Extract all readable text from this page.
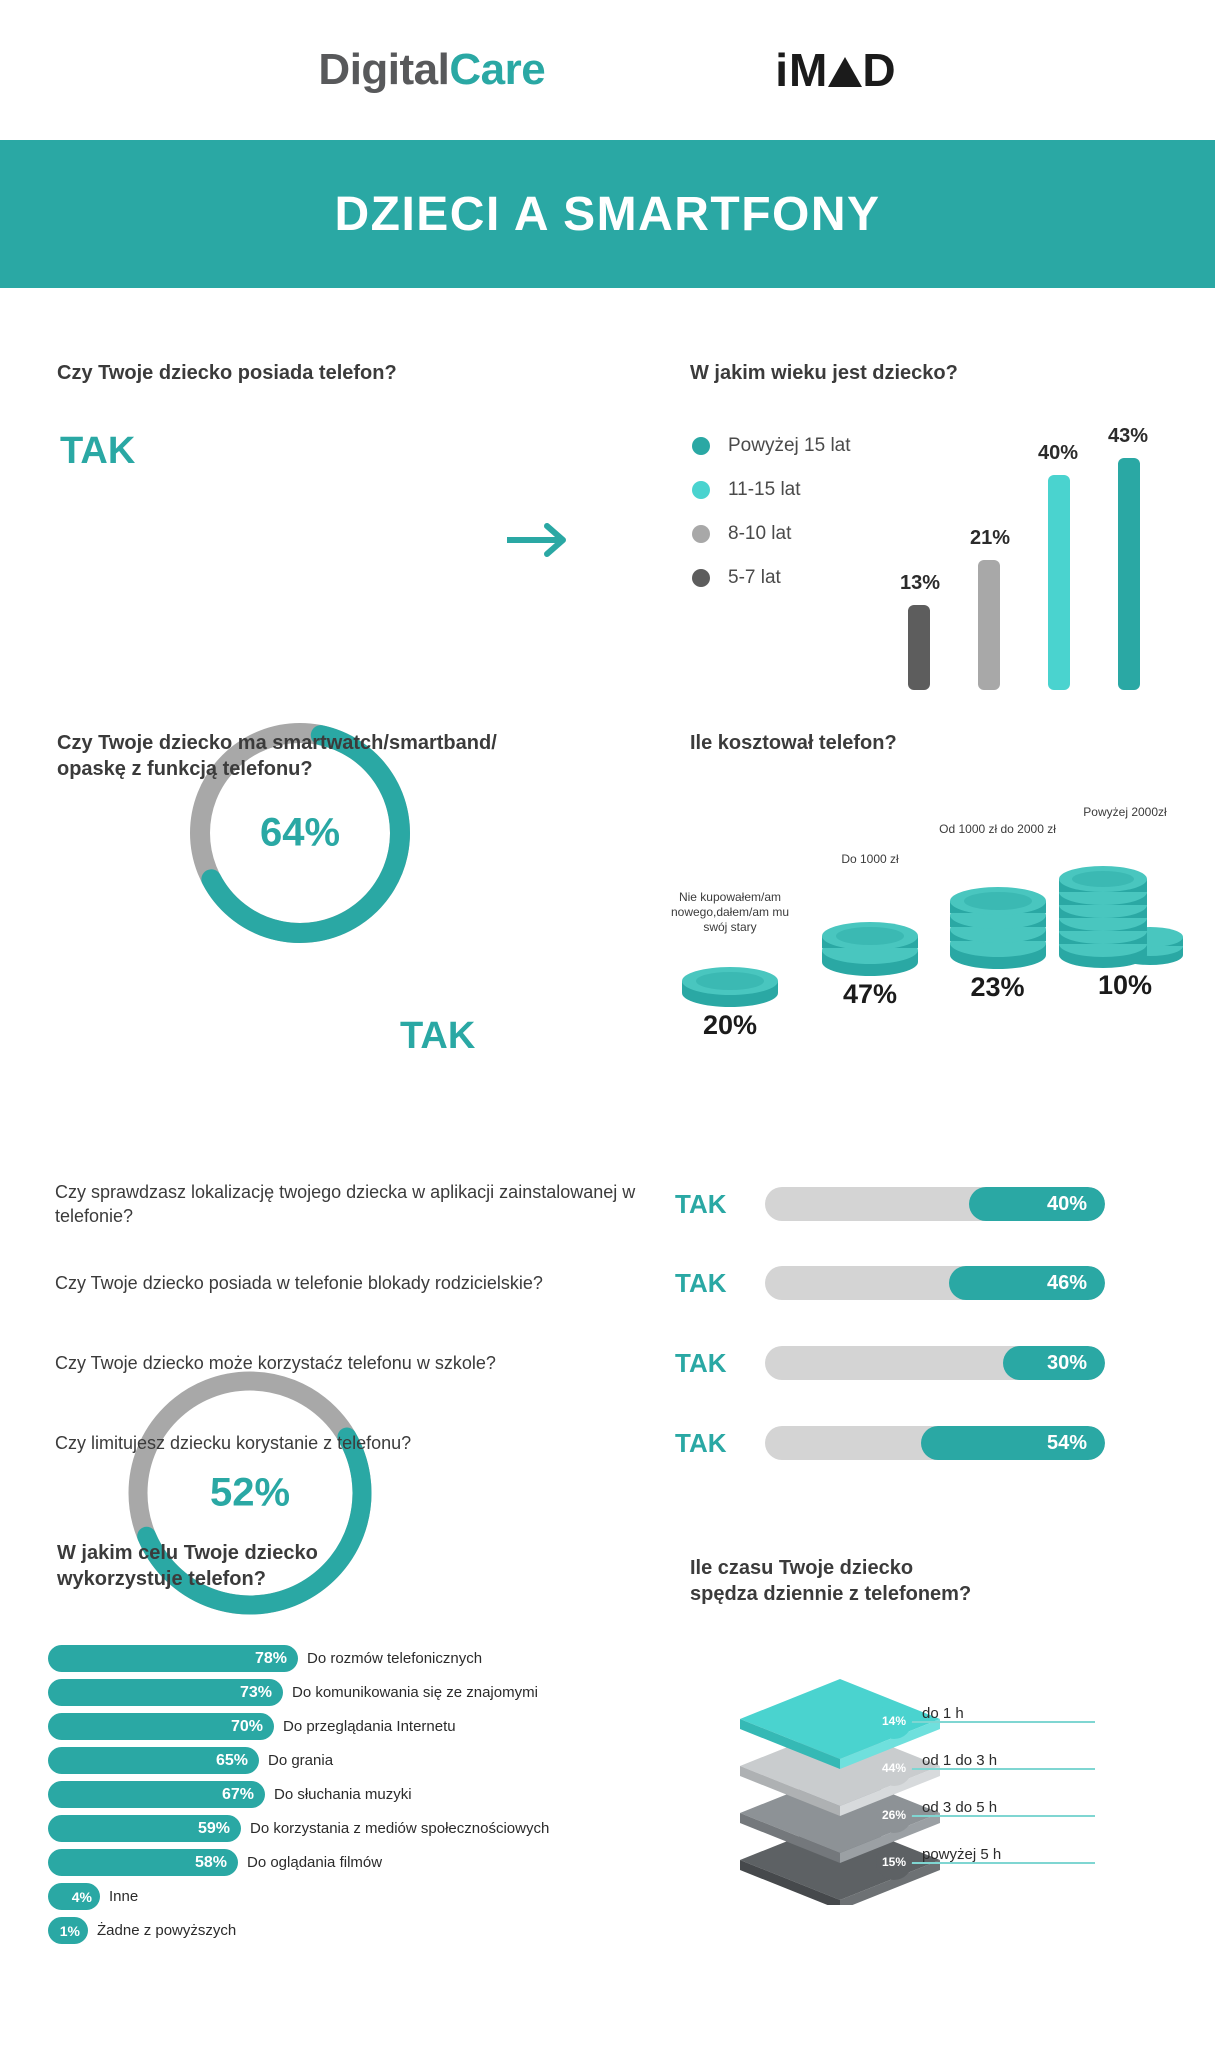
DigitalCare	iM D
DZIECI A SMARTFONY
Czy Twoje dziecko posiada telefon?
TAK
64%
W jakim wieku jest dziecko?
Powyżej 15 lat
11-15 lat
8-10 lat
5-7 lat	13%
21%
40%
43%
Czy Twoje dziecko ma smartwatch/smartband/
opaskę z funkcją telefonu?
52%
TAK
Ile kosztował telefon?
Nie kupowałem/am nowego,dałem/am mu swój stary
20%
Do 1000 zł
47%
Od 1000 zł do 2000 zł
23%
Powyżej 2000zł
10%
Czy sprawdzasz lokalizację twojego dziecka w aplikacji zainstalowanej w telefonie?	TAK	40%
Czy Twoje dziecko posiada w telefonie blokady rodzicielskie?	TAK	46%
Czy Twoje dziecko może korzystaćz telefonu w szkole?	TAK	30%
Czy limitujesz dziecku korystanie z telefonu?	TAK	54%
W jakim celu Twoje dziecko
wykorzystuje telefon?
78%	Do rozmów telefonicznych
73%	Do komunikowania się ze znajomymi
70%	Do przeglądania Internetu
65%	Do grania
67%	Do słuchania muzyki
59%	Do korzystania z mediów społecznościowych
58%	Do oglądania filmów
4%	Inne
1%	Żadne z powyższych
Ile czasu Twoje dziecko
spędza dziennie z telefonem?
14%	do 1 h
44%	od 1 do 3 h
26%	od 3 do 5 h
15%	powyżej 5 h
